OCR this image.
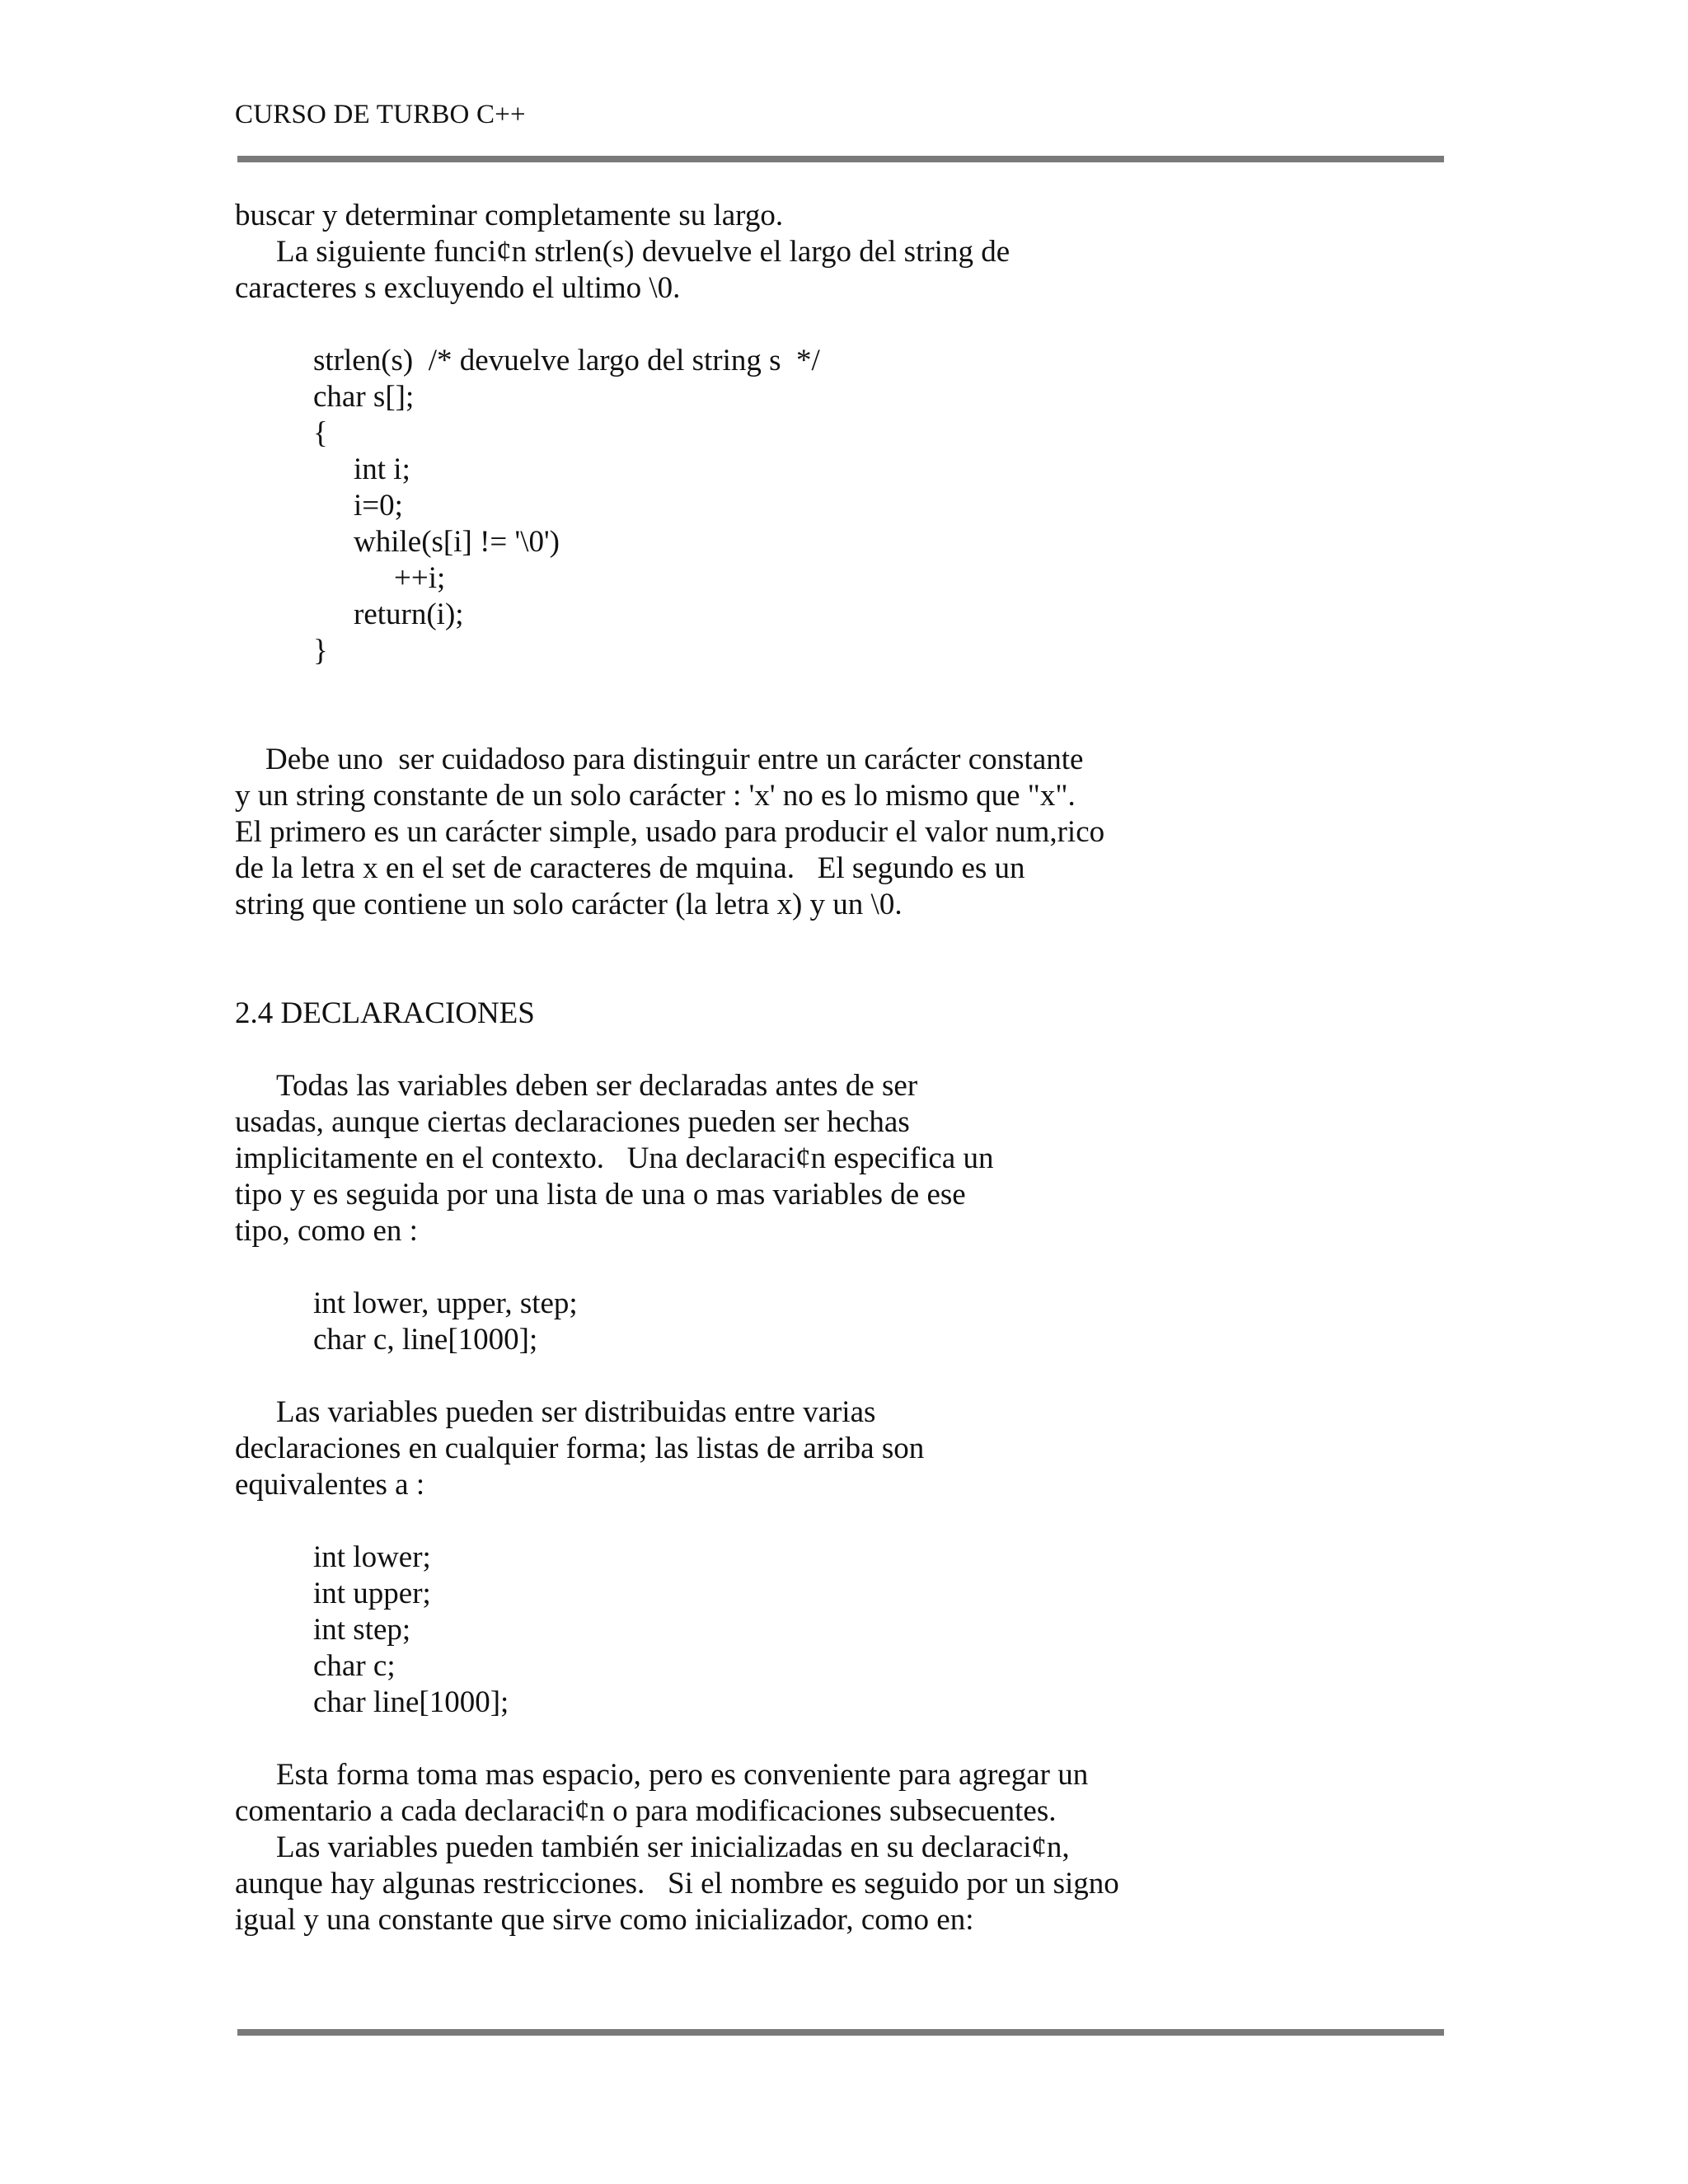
CURSO DE TURBO C++
buscar y determinar completamente su largo.
La siguiente funci¢n strlen(s) devuelve el largo del string de
caracteres s excluyendo el ultimo \0.
strlen(s)  /* devuelve largo del string s  */
char s[];
{
int i;
i=0;
while(s[i] != '\0')
++i;
return(i);
}
Debe uno  ser cuidadoso para distinguir entre un carácter constante
y un string constante de un solo carácter : 'x' no es lo mismo que "x".
El primero es un carácter simple, usado para producir el valor num,rico
de la letra x en el set de caracteres de mquina.   El segundo es un
string que contiene un solo carácter (la letra x) y un \0.
2.4 DECLARACIONES
Todas las variables deben ser declaradas antes de ser
usadas, aunque ciertas declaraciones pueden ser hechas
implicitamente en el contexto.   Una declaraci¢n especifica un
tipo y es seguida por una lista de una o mas variables de ese
tipo, como en :
int lower, upper, step;
char c, line[1000];
Las variables pueden ser distribuidas entre varias
declaraciones en cualquier forma; las listas de arriba son
equivalentes a :
int lower;
int upper;
int step;
char c;
char line[1000];
Esta forma toma mas espacio, pero es conveniente para agregar un
comentario a cada declaraci¢n o para modificaciones subsecuentes.
Las variables pueden también ser inicializadas en su declaraci¢n,
aunque hay algunas restricciones.   Si el nombre es seguido por un signo
igual y una constante que sirve como inicializador, como en:
